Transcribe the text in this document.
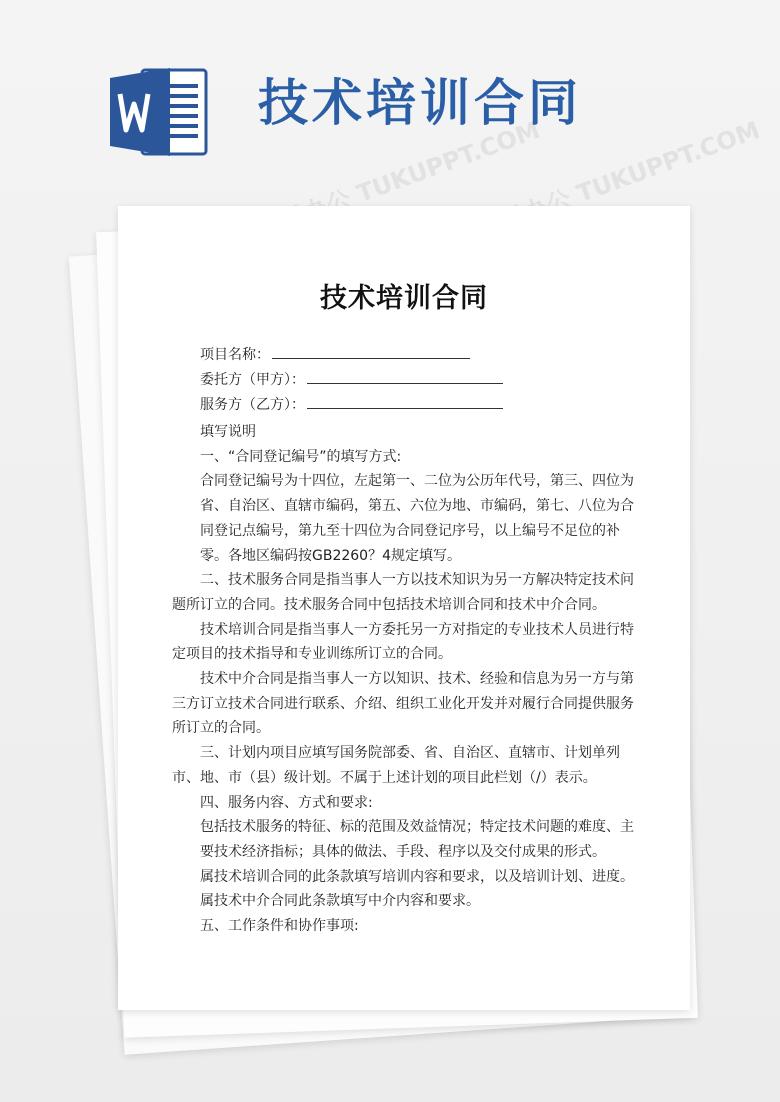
技术培训合同
技术培训合同
项目名称：
委托方（甲方）：
服务方（乙方）：

填写说明

一、“合同登记编号”的填写方式:

合同登记编号为十四位，左起第一、二位为公历年代号，第三、四位为省、自治区、直辖市编码，第五、六位为地、市编码，第七、八位为合同登记点编号，第九至十四位为合同登记序号，以上编号不足位的补零。各地区编码按GB2260？4规定填写。

二、技术服务合同是指当事人一方以技术知识为另一方解决特定技术问题所订立的合同。技术服务合同中包括技术培训合同和技术中介合同。

技术培训合同是指当事人一方委托另一方对指定的专业技术人员进行特定项目的技术指导和专业训练所订立的合同。

技术中介合同是指当事人一方以知识、技术、经验和信息为另一方与第三方订立技术合同进行联系、介绍、组织工业化开发并对履行合同提供服务所订立的合同。

三、计划内项目应填写国务院部委、省、自治区、直辖市、计划单列市、地、市（县）级计划。不属于上述计划的项目此栏划（/）表示。

四、服务内容、方式和要求:

包括技术服务的特征、标的范围及效益情况；特定技术问题的难度、主要技术经济指标；具体的做法、手段、程序以及交付成果的形式。

属技术培训合同的此条款填写培训内容和要求，以及培训计划、进度。

属技术中介合同此条款填写中介内容和要求。

五、工作条件和协作事项:
